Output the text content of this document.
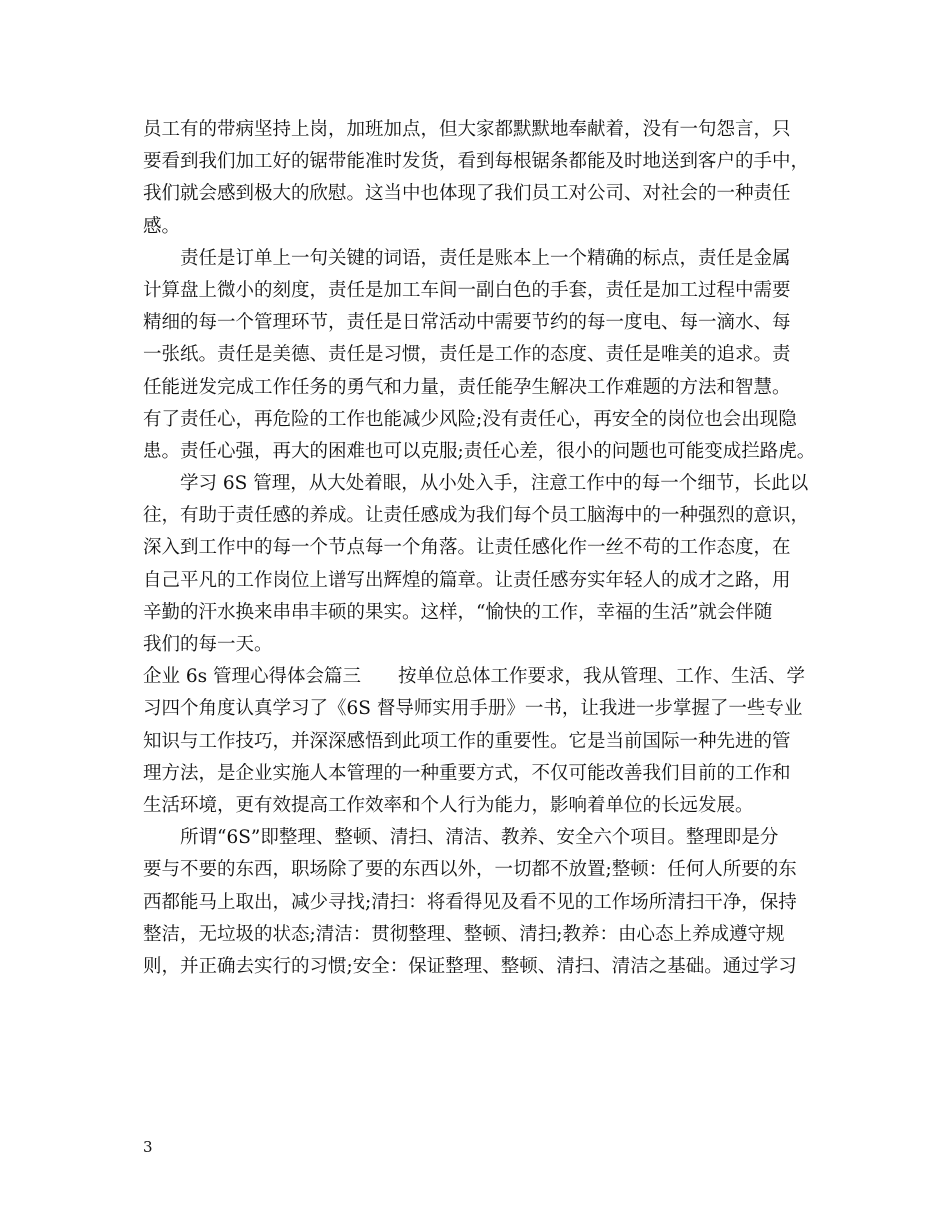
员工有的带病坚持上岗，加班加点，但大家都默默地奉献着，没有一句怨言，只
要看到我们加工好的锯带能准时发货，看到每根锯条都能及时地送到客户的手中，
我们就会感到极大的欣慰。这当中也体现了我们员工对公司、对社会的一种责任
感。
责任是订单上一句关键的词语，责任是账本上一个精确的标点，责任是金属
计算盘上微小的刻度，责任是加工车间一副白色的手套，责任是加工过程中需要
精细的每一个管理环节，责任是日常活动中需要节约的每一度电、每一滴水、每
一张纸。责任是美德、责任是习惯，责任是工作的态度、责任是唯美的追求。责
任能迸发完成工作任务的勇气和力量，责任能孕生解决工作难题的方法和智慧。
有了责任心，再危险的工作也能减少风险;没有责任心，再安全的岗位也会出现隐
患。责任心强，再大的困难也可以克服;责任心差，很小的问题也可能变成拦路虎。
学习 6S 管理，从大处着眼，从小处入手，注意工作中的每一个细节，长此以
往，有助于责任感的养成。让责任感成为我们每个员工脑海中的一种强烈的意识，
深入到工作中的每一个节点每一个角落。让责任感化作一丝不苟的工作态度，在
自己平凡的工作岗位上谱写出辉煌的篇章。让责任感夯实年轻人的成才之路，用
辛勤的汗水换来串串丰硕的果实。这样，“愉快的工作，幸福的生活”就会伴随
我们的每一天。
企业 6s 管理心得体会篇三　　按单位总体工作要求，我从管理、工作、生活、学
习四个角度认真学习了《6S 督导师实用手册》一书，让我进一步掌握了一些专业
知识与工作技巧，并深深感悟到此项工作的重要性。它是当前国际一种先进的管
理方法，是企业实施人本管理的一种重要方式，不仅可能改善我们目前的工作和
生活环境，更有效提高工作效率和个人行为能力，影响着单位的长远发展。
所谓“6S”即整理、整顿、清扫、清洁、教养、安全六个项目。整理即是分
要与不要的东西，职场除了要的东西以外，一切都不放置;整顿：任何人所要的东
西都能马上取出，减少寻找;清扫：将看得见及看不见的工作场所清扫干净，保持
整洁，无垃圾的状态;清洁：贯彻整理、整顿、清扫;教养：由心态上养成遵守规
则，并正确去实行的习惯;安全：保证整理、整顿、清扫、清洁之基础。通过学习
3
